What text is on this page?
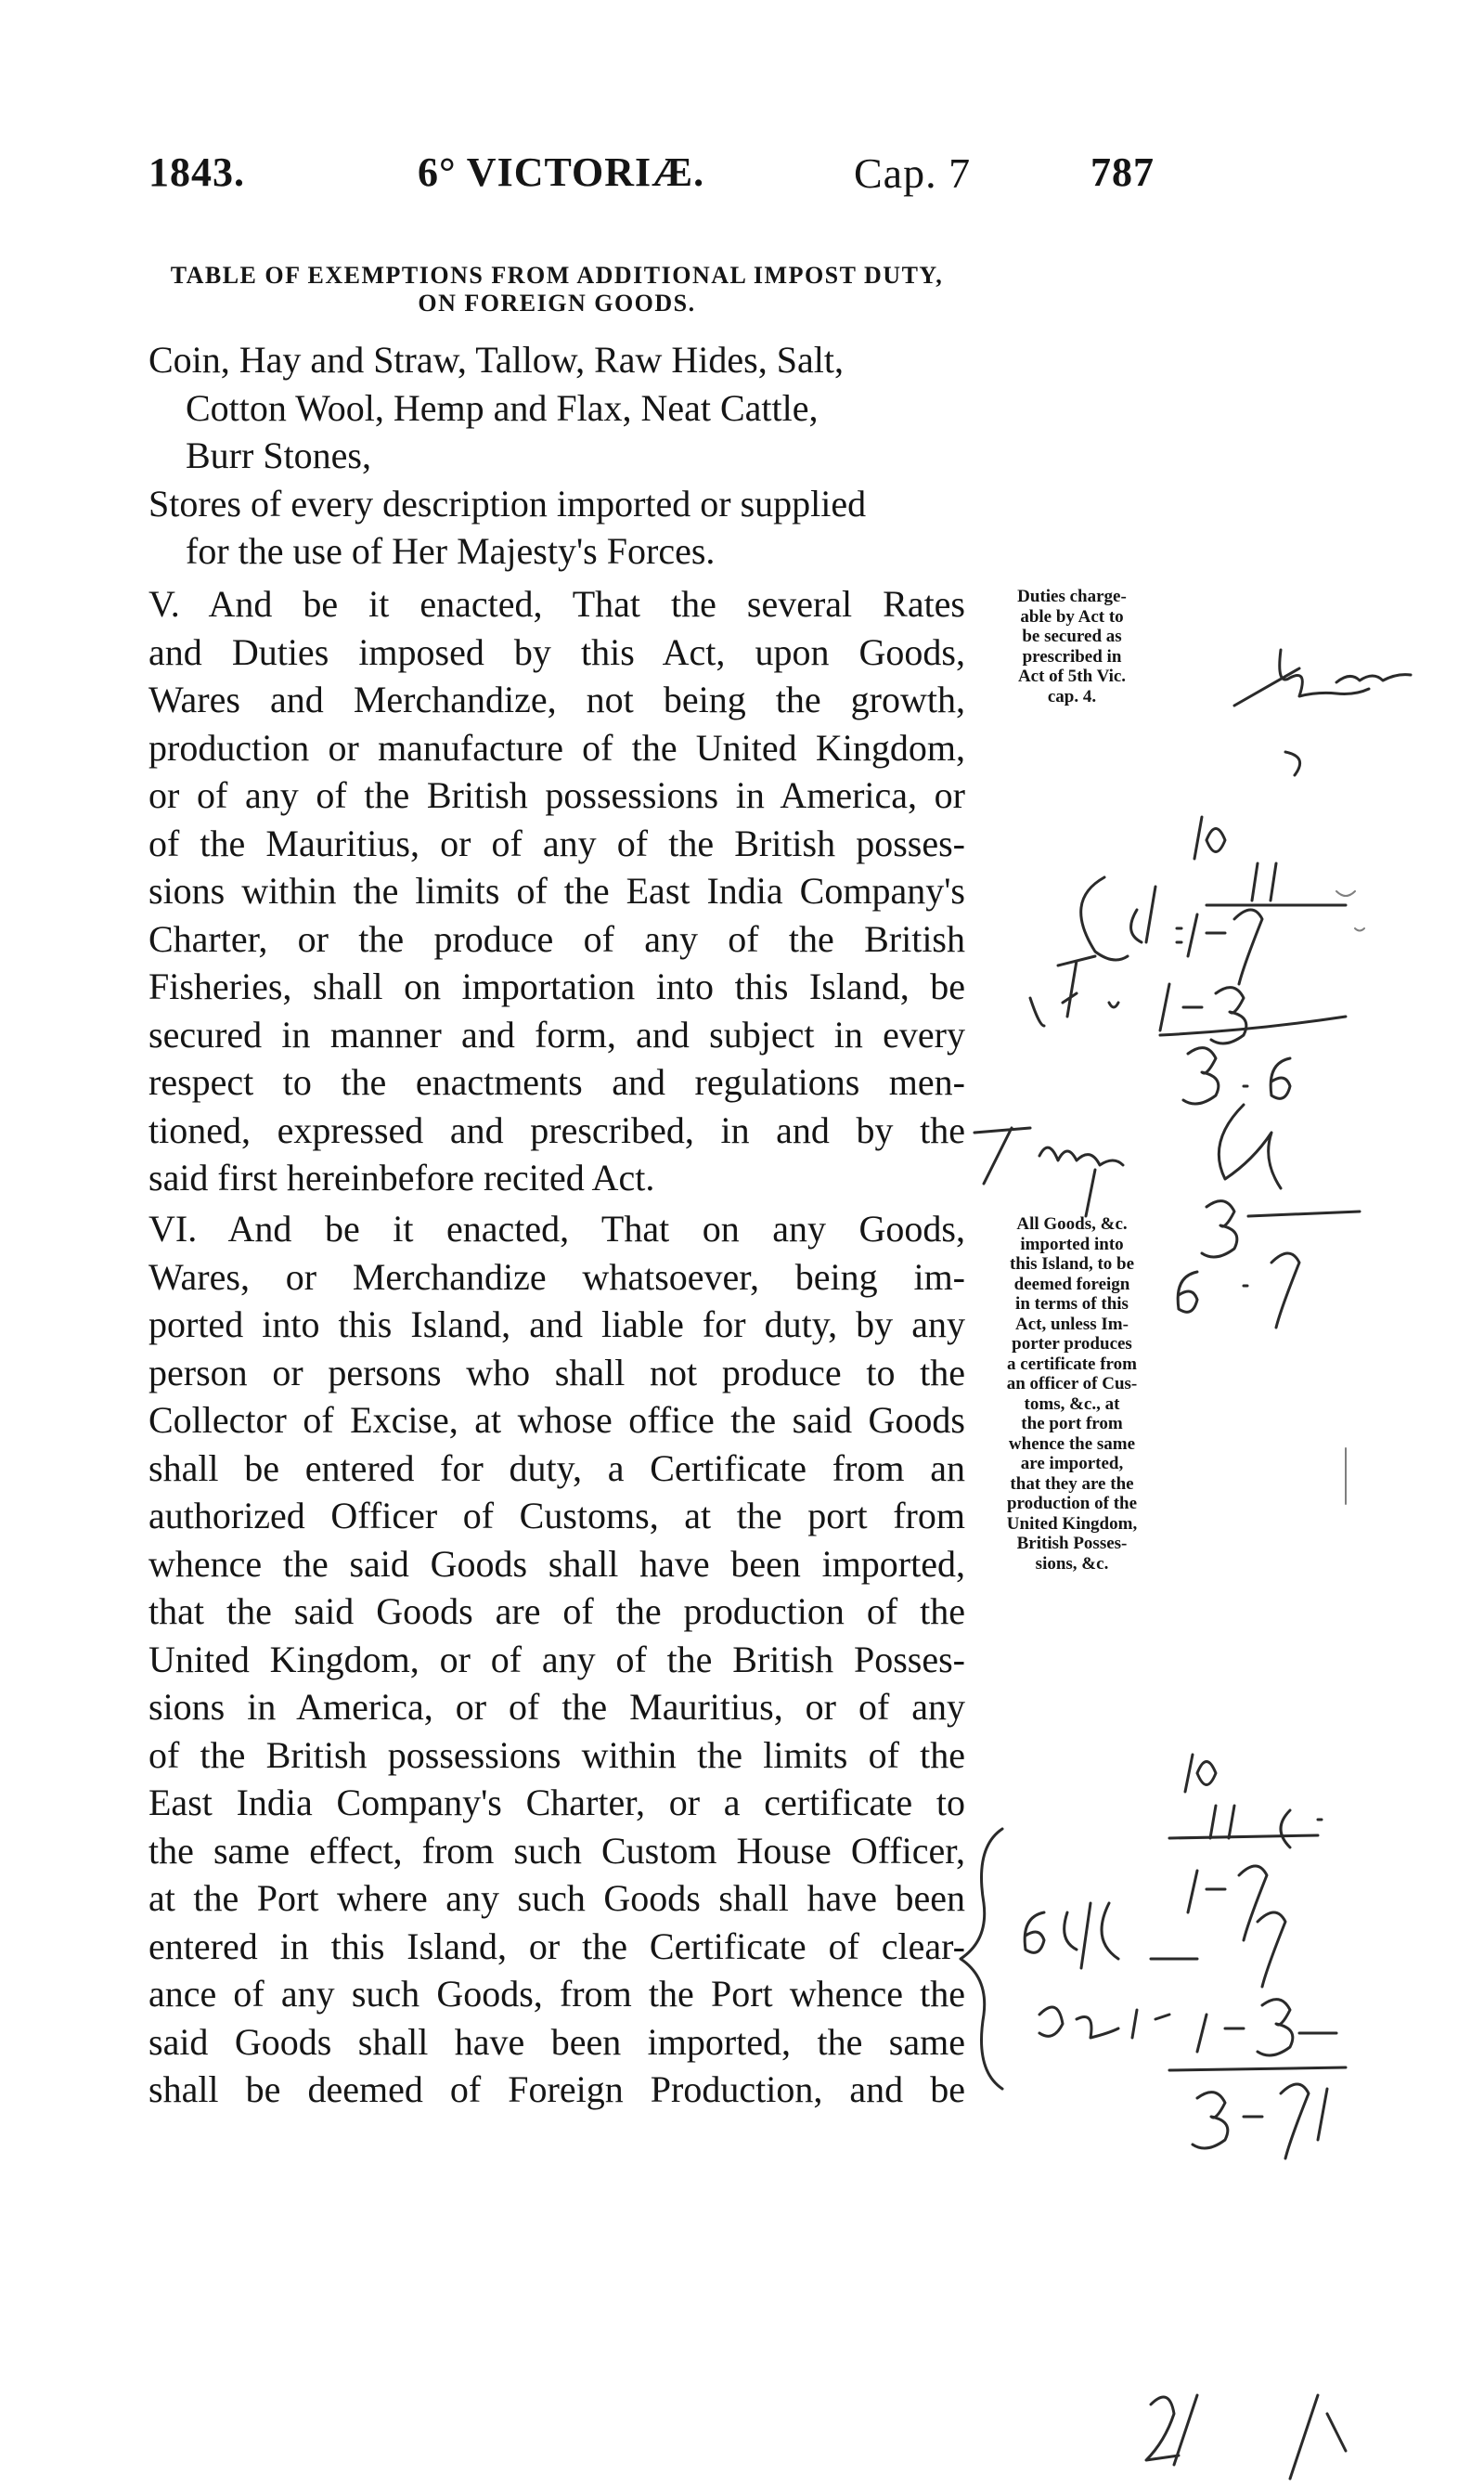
1843.	6° VICTORIÆ.	Cap. 7	787
TABLE OF EXEMPTIONS FROM ADDITIONAL IMPOST DUTY,
ON FOREIGN GOODS.
Coin, Hay and Straw, Tallow, Raw Hides, Salt,
Cotton Wool, Hemp and Flax, Neat Cattle,
Burr Stones,
Stores of every description imported or supplied
for the use of Her Majesty's Forces.
V. And be it enacted, That the several Rates
and Duties imposed by this Act, upon Goods,
Wares and Merchandize, not being the growth,
production or manufacture of the United Kingdom,
or of any of the British possessions in America, or
of the Mauritius, or of any of the British posses-
sions within the limits of the East India Company's
Charter, or the produce of any of the British
Fisheries, shall on importation into this Island, be
secured in manner and form, and subject in every
respect to the enactments and regulations men-
tioned, expressed and prescribed, in and by the
said first hereinbefore recited Act.
Duties charge-
able by Act to
be secured as
prescribed in
Act of 5th Vic.
cap. 4.
VI. And be it enacted, That on any Goods,
Wares, or Merchandize whatsoever, being im-
ported into this Island, and liable for duty, by any
person or persons who shall not produce to the
Collector of Excise, at whose office the said Goods
shall be entered for duty, a Certificate from an
authorized Officer of Customs, at the port from
whence the said Goods shall have been imported,
that the said Goods are of the production of the
United Kingdom, or of any of the British Posses-
sions in America, or of the Mauritius, or of any
of the British possessions within the limits of the
East India Company's Charter, or a certificate to
the same effect, from such Custom House Officer,
at the Port where any such Goods shall have been
entered in this Island, or the Certificate of clear-
ance of any such Goods, from the Port whence the
said Goods shall have been imported, the same
shall be deemed of Foreign Production, and be
All Goods, &c.
imported into
this Island, to be
deemed foreign
in terms of this
Act, unless Im-
porter produces
a certificate from
an officer of Cus-
toms, &c., at
the port from
whence the same
are imported,
that they are the
production of the
United Kingdom,
British Posses-
sions, &c.
